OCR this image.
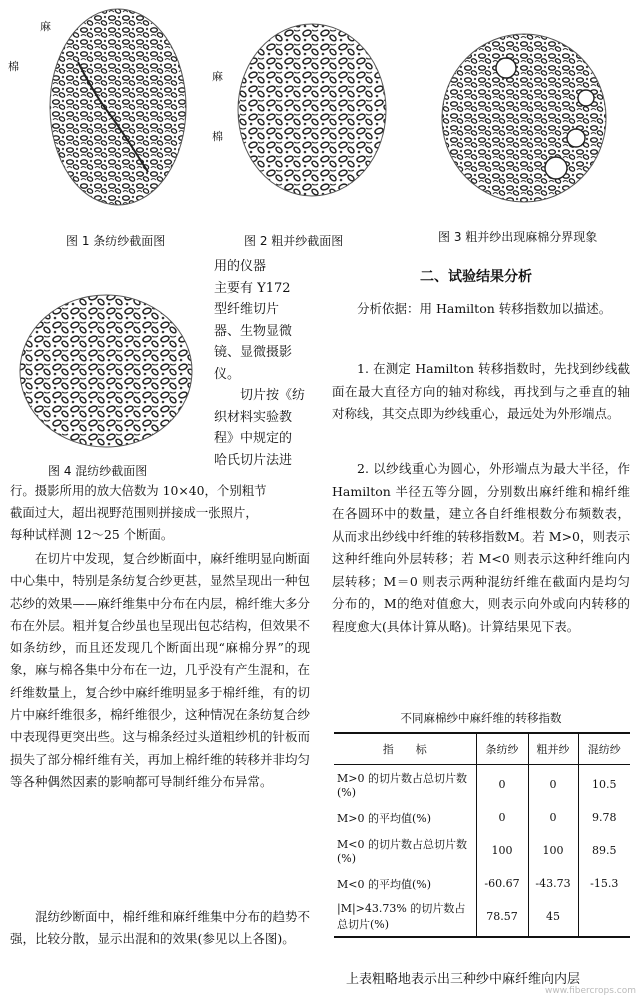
麻
棉
图 1 条纺纱截面图
麻
棉
图 2 粗并纱截面图	图 3 粗并纱出现麻棉分界现象
图 4 混纺纱截面图
用的仪器
主要有 Y172
型纤维切片
器、生物显微
镜、显微摄影
仪。
切片按《纺
织材料实验教
程》中规定的
哈氏切片法进
行。摄影所用的放大倍数为 10×40，个别粗节
截面过大，超出视野范围则拼接成一张照片，
每种试样测 12～25 个断面。

在切片中发现，复合纱断面中，麻纤维明显向断面中心集中，特别是条纺复合纱更甚，显然呈现出一种包芯纱的效果——麻纤维集中分布在内层，棉纤维大多分布在外层。粗并复合纱虽也呈现出包芯结构，但效果不如条纺纱，而且还发现几个断面出现“麻棉分界”的现象，麻与棉各集中分布在一边，几乎没有产生混和，在纤维数量上，复合纱中麻纤维明显多于棉纤维，有的切片中麻纤维很多，棉纤维很少，这种情况在条纺复合纱中表现得更突出些。这与棉条经过头道粗纱机的针板而损失了部分棉纤维有关，再加上棉纤维的转移并非均匀等各种偶然因素的影响都可导制纤维分布异常。

混纺纱断面中，棉纤维和麻纤维集中分布的趋势不强，比较分散，显示出混和的效果(参见以上各图)。

二、试验结果分析

分析依据：用 Hamilton 转移指数加以描述。

1. 在测定 Hamilton 转移指数时，先找到纱线截面在最大直径方向的轴对称线，再找到与之垂直的轴对称线，其交点即为纱线重心，最远处为外形端点。

2. 以纱线重心为圆心，外形端点为最大半径，作 Hamilton 半径五等分圆，分别数出麻纤维和棉纤维在各圆环中的数量，建立各自纤维根数分布频数表，从而求出纱线中纤维的转移指数M。若 M>0，则表示这种纤维向外层转移；若 M<0 则表示这种纤维向内层转移；M＝0 则表示两种混纺纤维在截面内是均匀分布的，M的绝对值愈大，则表示向外或向内转移的程度愈大(具体计算从略)。计算结果见下表。

不同麻棉纱中麻纤维的转移指数
指　　标	条纺纱	粗并纱	混纺纱
M>0 的切片数占总切片数(%)	0	0	10.5
M>0 的平均值(%)	0	0	9.78
M<0 的切片数占总切片数(%)	100	100	89.5
M<0 的平均值(%)	-60.67	-43.73	-15.3
|M|>43.73% 的切片数占总切片(%)	78.57	45	
上表粗略地表示出三种纱中麻纤维向内层
www.fibercrops.com
